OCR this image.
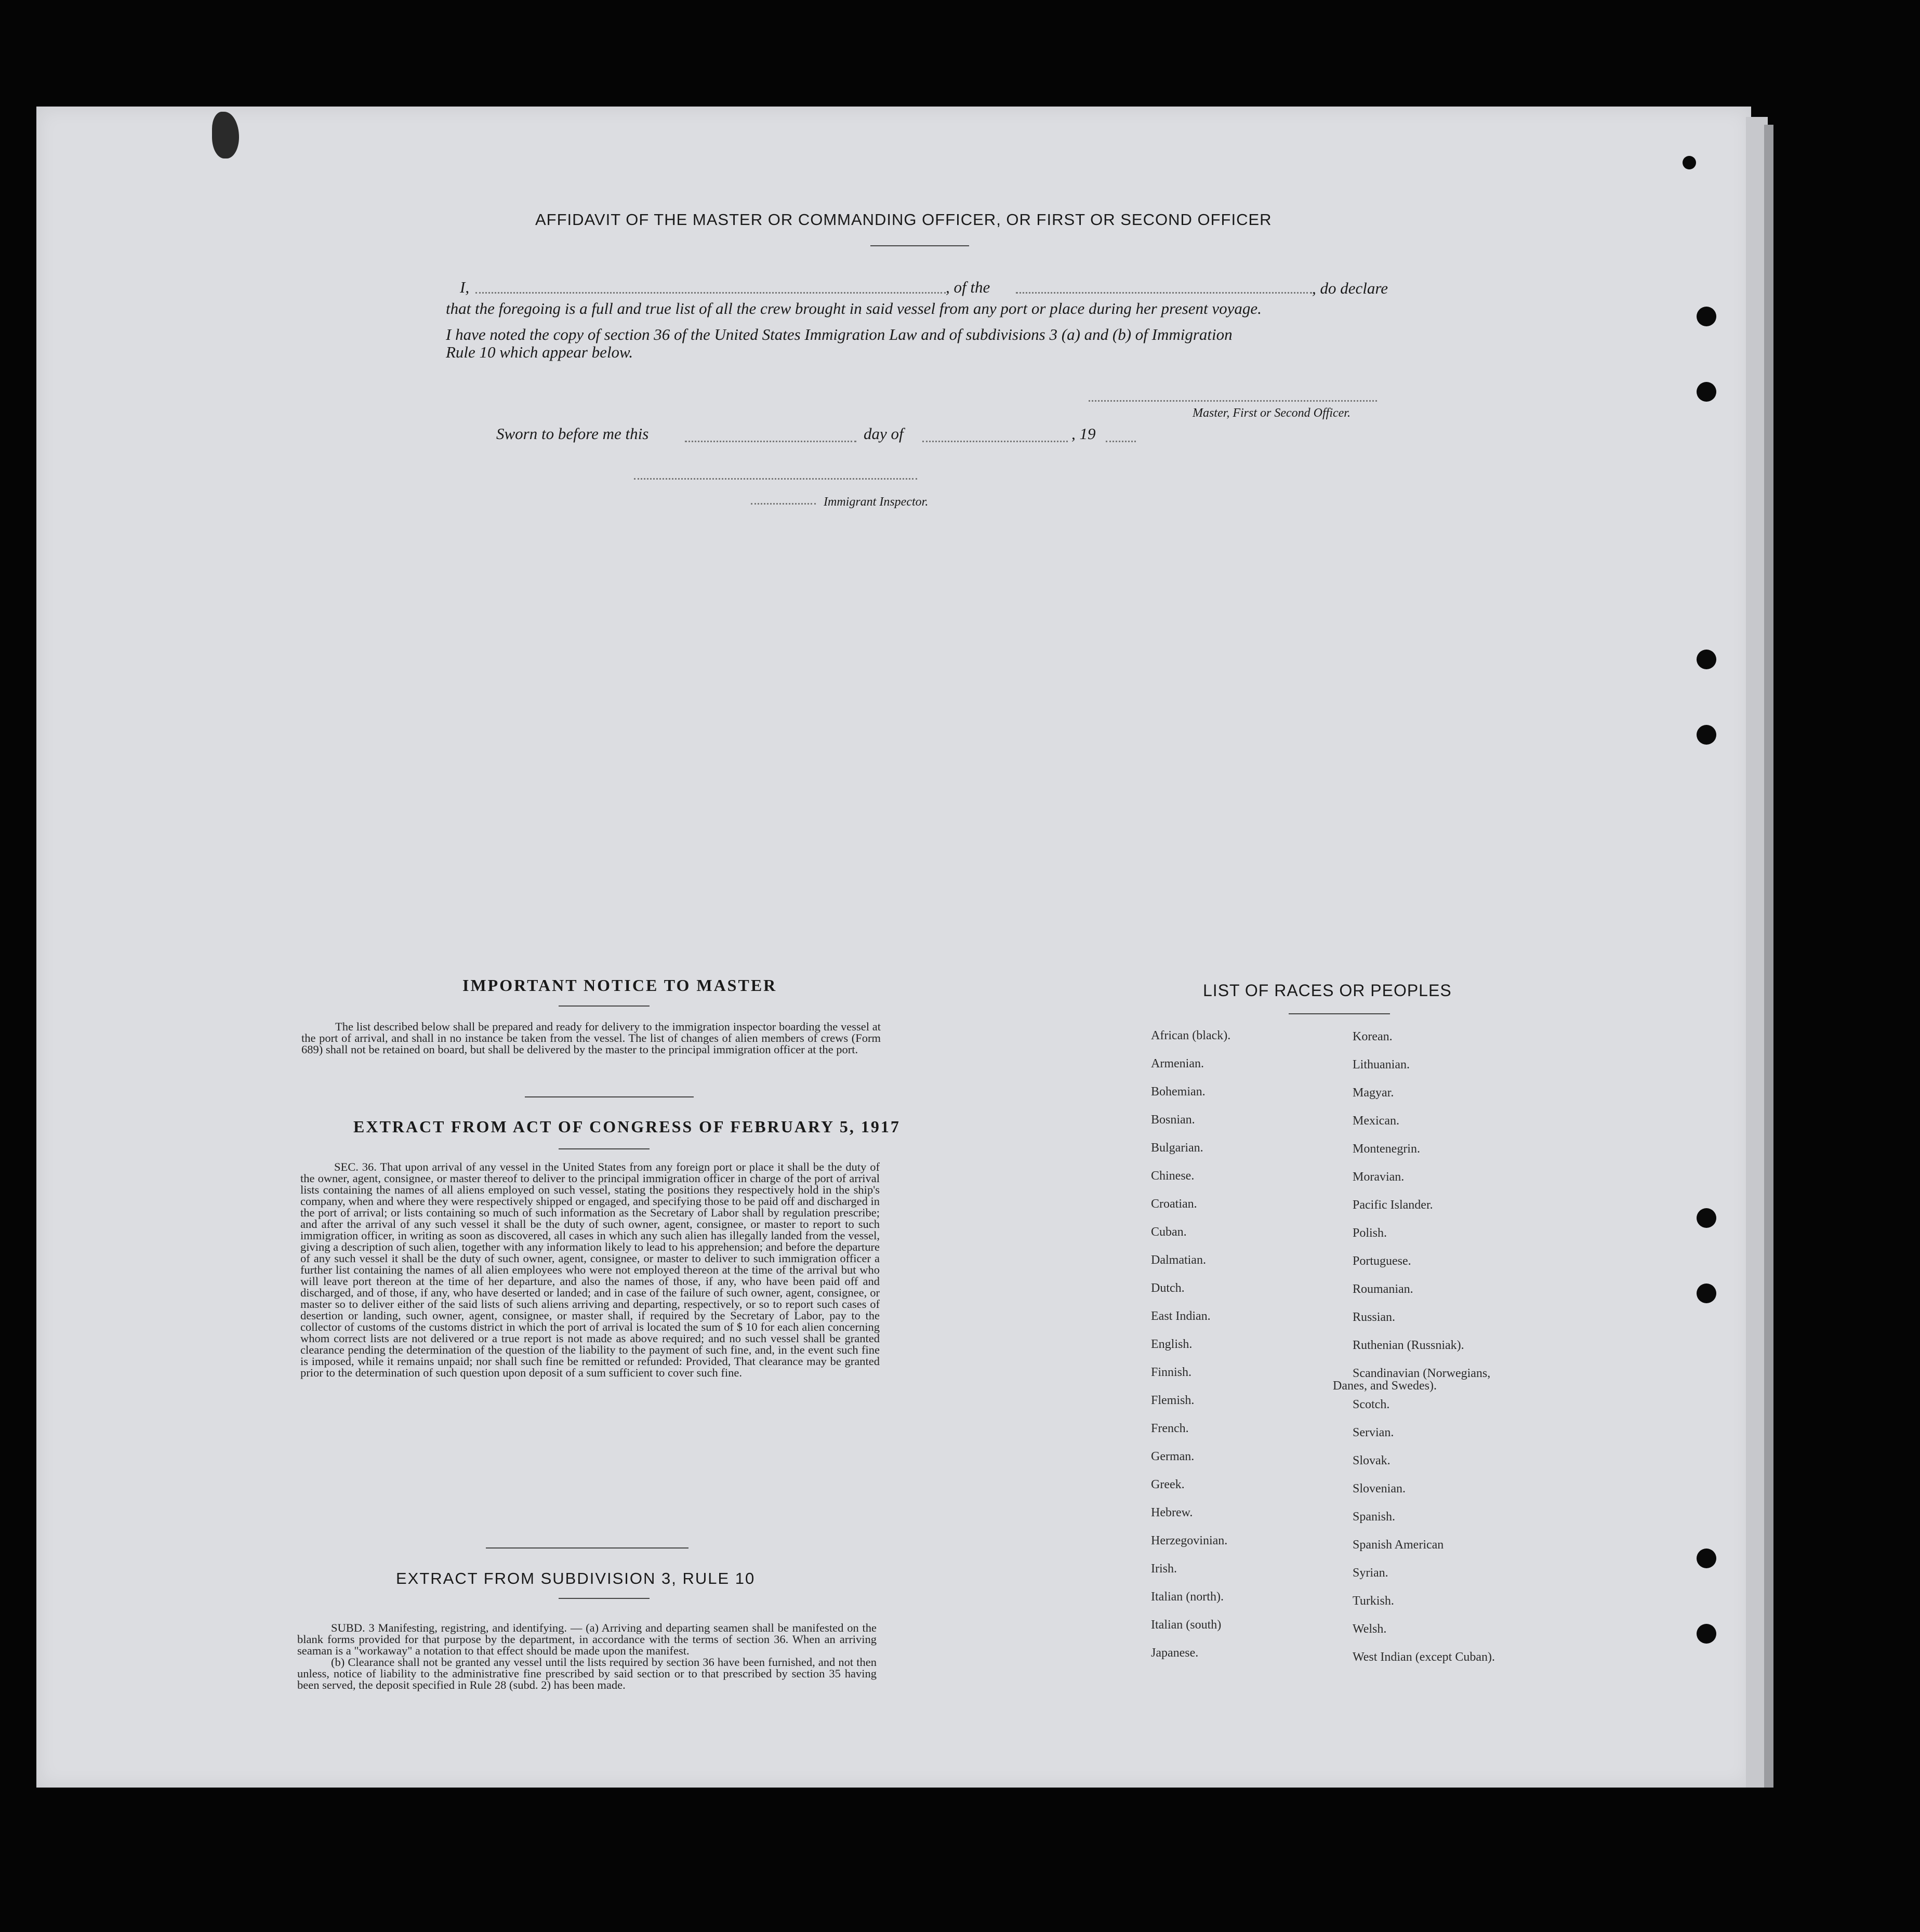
AFFIDAVIT OF THE MASTER OR COMMANDING OFFICER, OR FIRST OR SECOND OFFICER
I,	, of the	, do declare
that the foregoing is a full and true list of all the crew brought in said vessel from any port or place during her present voyage.
I have noted the copy of section 36 of the United States Immigration Law and of subdivisions 3 (a) and (b) of Immigration
Rule 10 which appear below.
Master, First or Second Officer.
Sworn to before me this	day of	, 19
Immigrant Inspector.
IMPORTANT NOTICE TO MASTER

The list described below shall be prepared and ready for delivery to the immigration inspector boarding the vessel at the port of arrival, and shall in no instance be taken from the vessel. The list of changes of alien members of crews (Form 689) shall not be retained on board, but shall be delivered by the master to the principal immigration officer at the port.

EXTRACT FROM ACT OF CONGRESS OF FEBRUARY 5, 1917

SEC. 36. That upon arrival of any vessel in the United States from any foreign port or place it shall be the duty of the owner, agent, consignee, or master thereof to deliver to the principal immigration officer in charge of the port of arrival lists containing the names of all aliens employed on such vessel, stating the positions they respectively hold in the ship's company, when and where they were respectively shipped or engaged, and specifying those to be paid off and discharged in the port of arrival; or lists containing so much of such information as the Secretary of Labor shall by regulation prescribe; and after the arrival of any such vessel it shall be the duty of such owner, agent, consignee, or master to report to such immigration officer, in writing as soon as discovered, all cases in which any such alien has illegally landed from the vessel, giving a description of such alien, together with any information likely to lead to his apprehension; and before the departure of any such vessel it shall be the duty of such owner, agent, consignee, or master to deliver to such immigration officer a further list containing the names of all alien employees who were not employed thereon at the time of the arrival but who will leave port thereon at the time of her departure, and also the names of those, if any, who have been paid off and discharged, and of those, if any, who have deserted or landed; and in case of the failure of such owner, agent, consignee, or master so to deliver either of the said lists of such aliens arriving and departing, respectively, or so to report such cases of desertion or landing, such owner, agent, consignee, or master shall, if required by the Secretary of Labor, pay to the collector of customs of the customs district in which the port of arrival is located the sum of $ 10 for each alien concerning whom correct lists are not delivered or a true report is not made as above required; and no such vessel shall be granted clearance pending the determination of the question of the liability to the payment of such fine, and, in the event such fine is imposed, while it remains unpaid; nor shall such fine be remitted or refunded: Provided, That clearance may be granted prior to the determination of such question upon deposit of a sum sufficient to cover such fine.

EXTRACT FROM SUBDIVISION 3, RULE 10

SUBD. 3 Manifesting, registring, and identifying. — (a) Arriving and departing seamen shall be manifested on the blank forms provided for that purpose by the department, in accordance with the terms of section 36. When an arriving seaman is a "workaway" a notation to that effect should be made upon the manifest.

(b) Clearance shall not be granted any vessel until the lists required by section 36 have been furnished, and not then unless, notice of liability to the administrative fine prescribed by said section or to that prescribed by section 35 having been served, the deposit specified in Rule 28 (subd. 2) has been made.

LIST OF RACES OR PEOPLES
African (black).
Armenian.
Bohemian.
Bosnian.
Bulgarian.
Chinese.
Croatian.
Cuban.
Dalmatian.
Dutch.
East Indian.
English.
Finnish.
Flemish.
French.
German.
Greek.
Hebrew.
Herzegovinian.
Irish.
Italian (north).
Italian (south)
Japanese.
Korean.
Lithuanian.
Magyar.
Mexican.
Montenegrin.
Moravian.
Pacific Islander.
Polish.
Portuguese.
Roumanian.
Russian.
Ruthenian (Russniak).
Scandinavian (Norwegians,
Danes, and Swedes).
Scotch.
Servian.
Slovak.
Slovenian.
Spanish.
Spanish American
Syrian.
Turkish.
Welsh.
West Indian (except Cuban).
